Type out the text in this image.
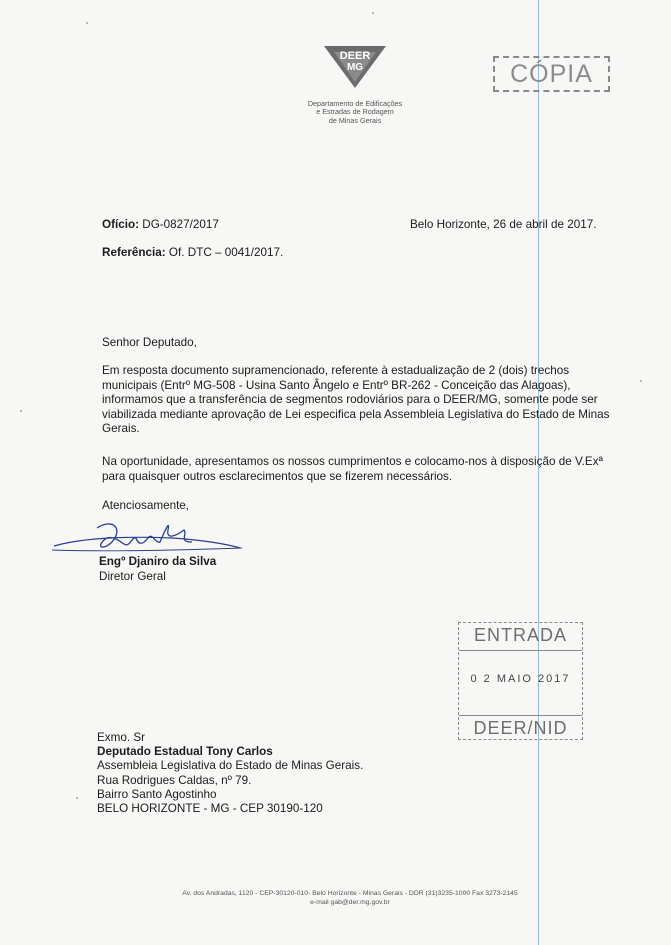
DEER
MG
Departamento de Edificações
e Estradas de Rodagem
de Minas Gerais
CÓPIA
Ofício: DG-0827/2017	Belo Horizonte, 26 de abril de 2017.
Referência: Of. DTC – 0041/2017.
Senhor Deputado,
Em resposta documento supramencionado, referente à estadualização de 2 (dois) trechos municipais (Entrº MG-508 - Usina Santo Ângelo e Entrº BR-262 - Conceição das Alagoas), informamos que a transferência de segmentos rodoviários para o DEER/MG, somente pode ser viabilizada mediante aprovação de Lei especifica pela Assembleia Legislativa do Estado de Minas Gerais.
Na oportunidade, apresentamos os nossos cumprimentos e colocamo-nos à disposição de V.Exª para quaisquer outros esclarecimentos que se fizerem necessários.
Atenciosamente,
Engº Djaniro da Silva
Diretor Geral
ENTRADA
0 2 MAIO 2017
DEER/NID
Exmo. Sr
Deputado Estadual Tony Carlos
Assembleia Legislativa do Estado de Minas Gerais.
Rua Rodrigues Caldas, nº 79.
Bairro Santo Agostinho
BELO HORIZONTE - MG - CEP 30190-120
Av. dos Andradas, 1120 - CEP-30120-010- Belo Horizonte - Minas Gerais - DDR (31)3235-1000 Fax 3273-2145
e-mail gab@der.mg.gov.br
